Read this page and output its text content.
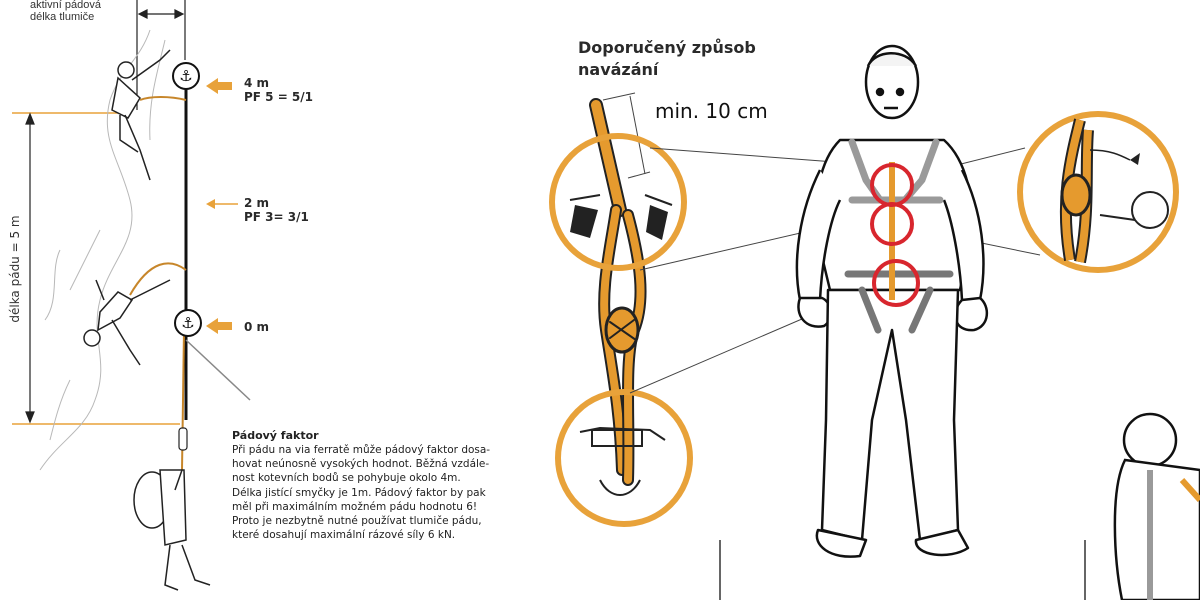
⚓
⚓
aktivní pádová
délka tlumiče
délka pádu = 5 m
4 m
PF 5 = 5/1
2 m
PF 3= 3/1
0 m
Pádový faktor
Při pádu na via ferratě může pádový faktor dosa-
hovat neúnosně vysokých hodnot. Běžná vzdále-
nost kotevních bodů se pohybuje okolo 4m.
Délka jistící smyčky je 1m. Pádový faktor by pak
měl při maximálním možném pádu hodnotu 6!
Proto je nezbytně nutné používat tlumiče pádu,
které dosahují maximální rázové síly 6 kN.
Doporučený způsob
navázání
min. 10 cm
